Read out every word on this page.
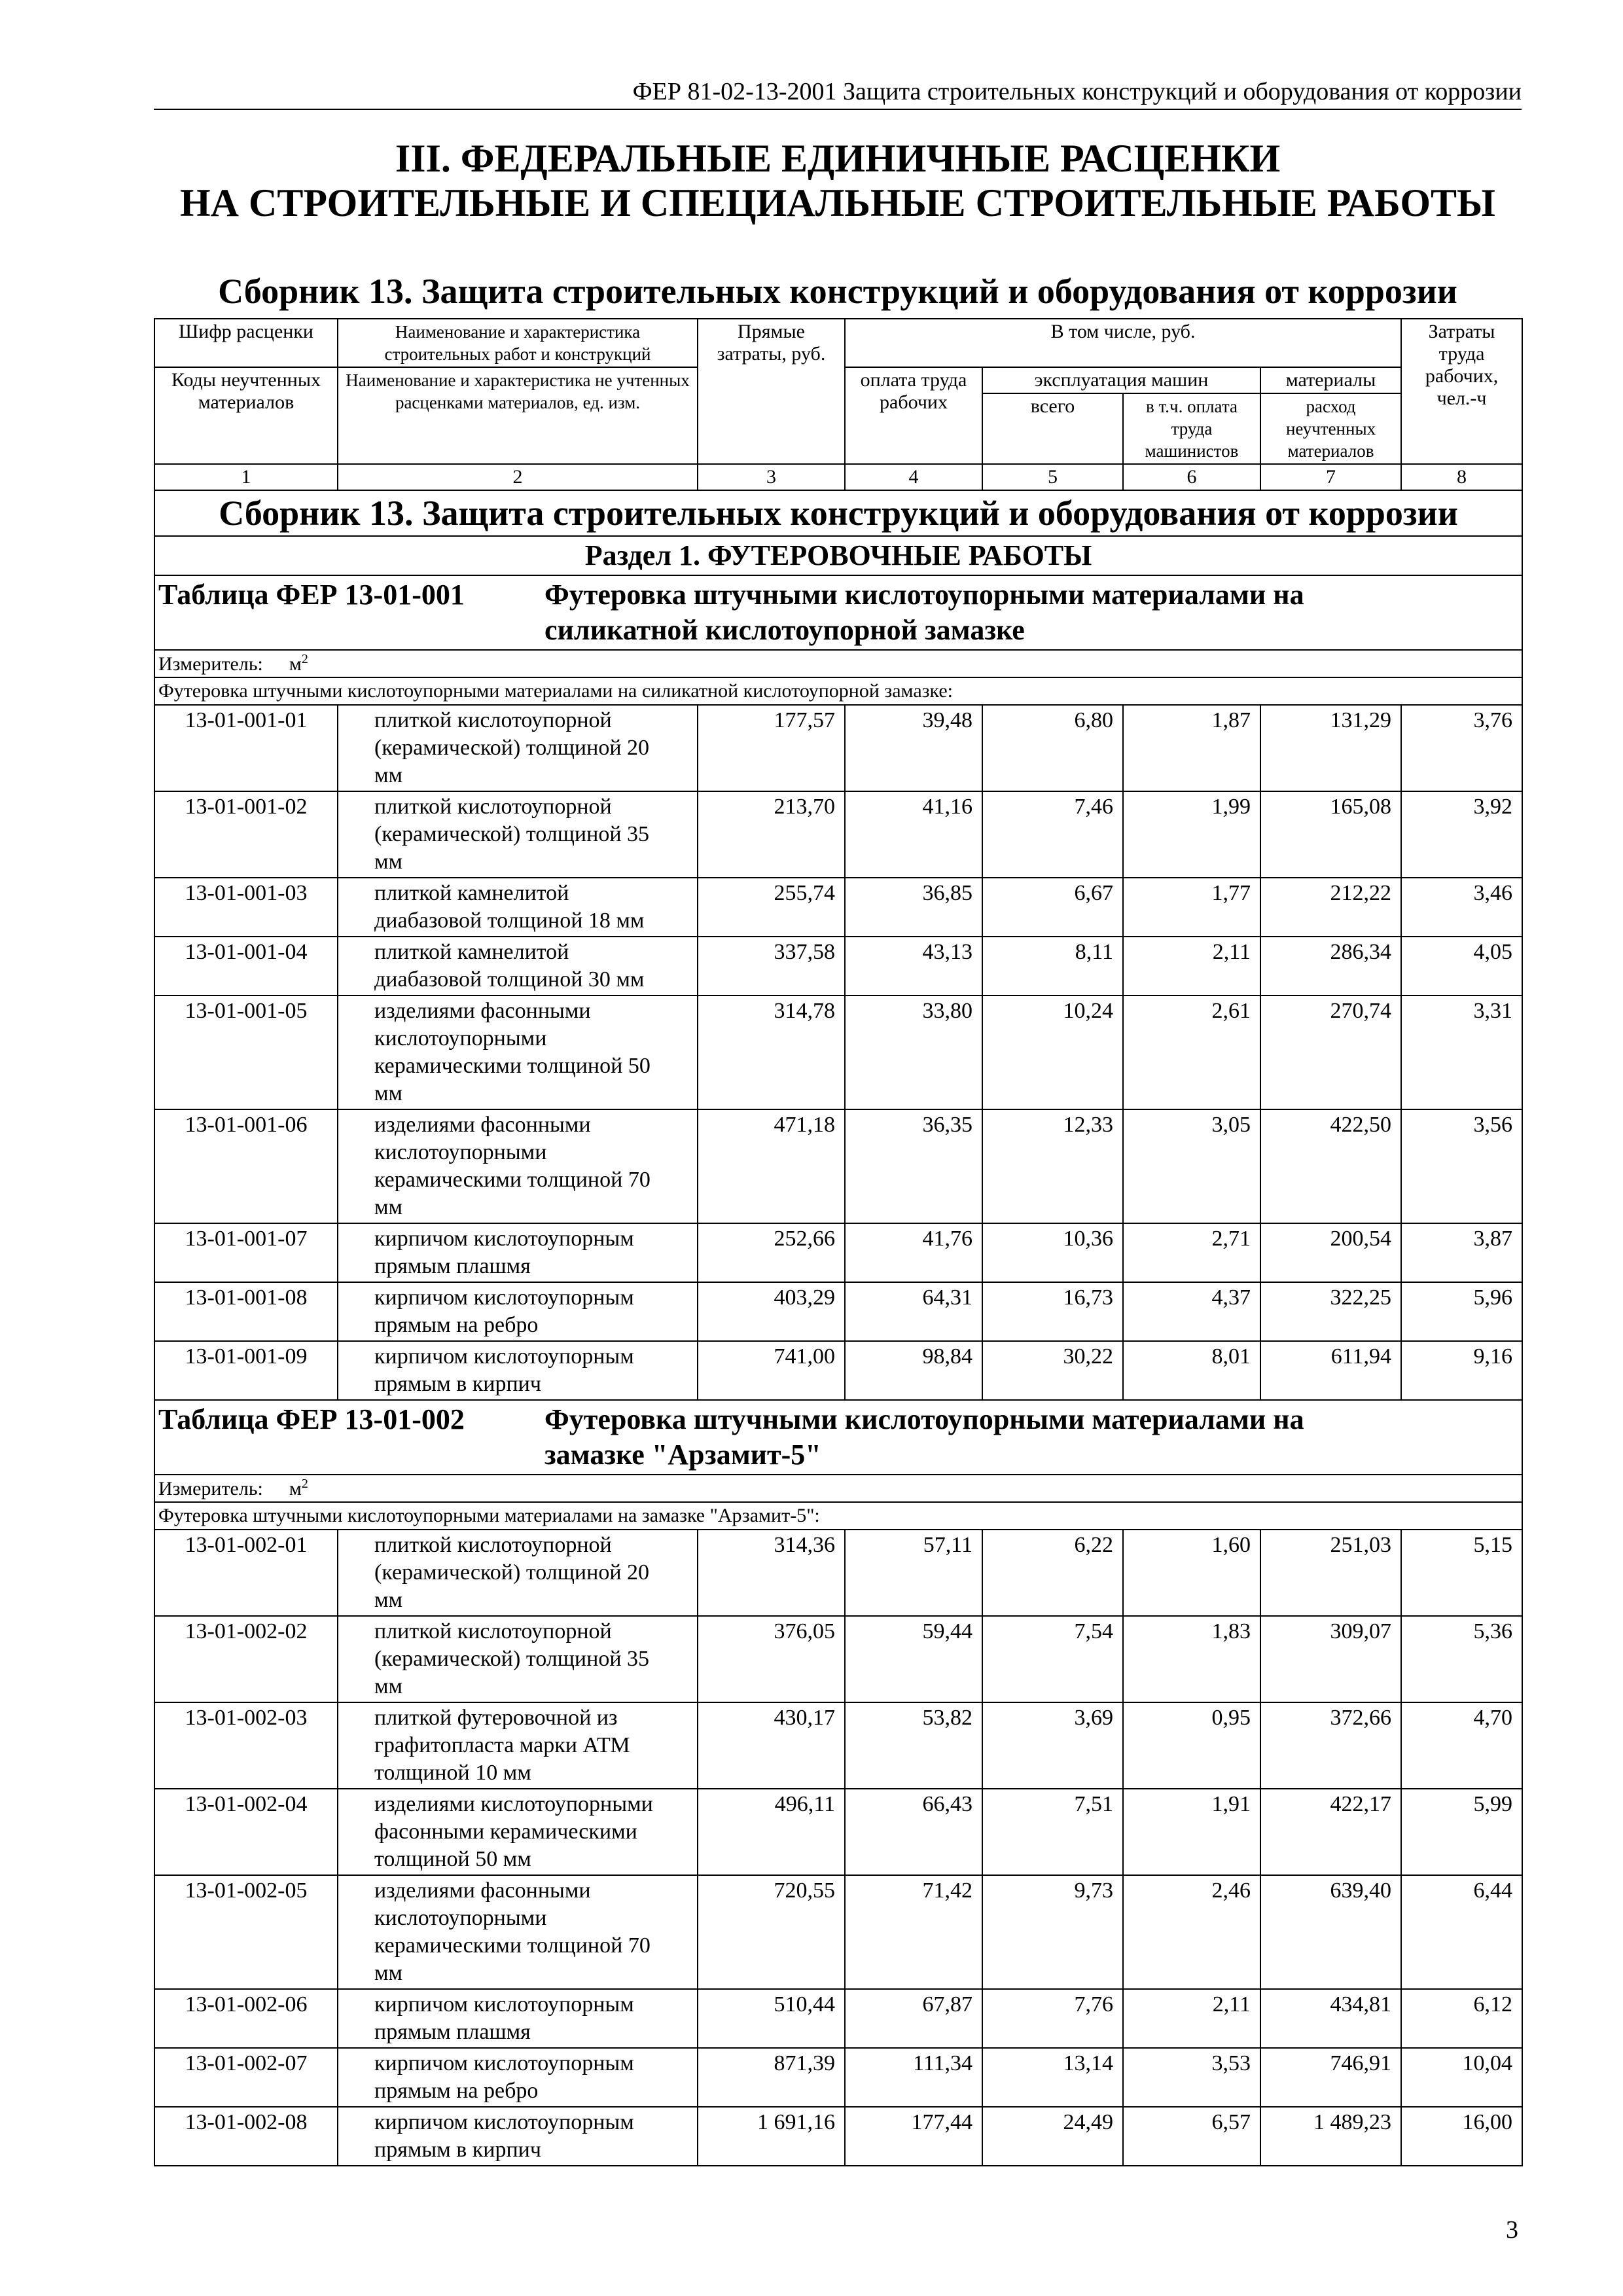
ФЕР 81-02-13-2001 Защита строительных конструкций и оборудования от коррозии
III. ФЕДЕРАЛЬНЫЕ ЕДИНИЧНЫЕ РАСЦЕНКИ
НА СТРОИТЕЛЬНЫЕ И СПЕЦИАЛЬНЫЕ СТРОИТЕЛЬНЫЕ РАБОТЫ
Сборник 13. Защита строительных конструкций и оборудования от коррозии
Шифр расценки	Наименование и характеристика строительных работ и конструкций	Прямые затраты, руб.	В том числе, руб.				Затраты труда рабочих, чел.-ч
Коды неучтенных материалов	Наименование и характеристика не учтенных расценками материалов, ед. изм.		оплата труда рабочих	эксплуатация машин		материалы	
				всего	в т.ч. оплата труда машинистов	расход неучтенных материалов	
1	2	3	4	5	6	7	8
Сборник 13. Защита строительных конструкций и оборудования от коррозии							
Раздел 1. ФУТЕРОВОЧНЫЕ РАБОТЫ							
Таблица ФЕР 13-01-001 Футеровка штучными кислотоупорными материалами на
силикатной кислотоупорной замазке							

Измеритель: $м^2$
Футеровка штучными кислотоупорными материалами на силикатной кислотоупорной замазке:							
13-01-001-01	плиткой кислотоупорной
(керамической) толщиной 20
мм	177,57	39,48	6,80	1,87	131,29	3,76
13-01-001-02	плиткой кислотоупорной
(керамической) толщиной 35
мм	213,70	41,16	7,46	1,99	165,08	3,92
13-01-001-03	плиткой камнелитой
диабазовой толщиной 18 мм	255,74	36,85	6,67	1,77	212,22	3,46
13-01-001-04	плиткой камнелитой
диабазовой толщиной 30 мм	337,58	43,13	8,11	2,11	286,34	4,05
13-01-001-05	изделиями фасонными
кислотоупорными
керамическими толщиной 50
мм	314,78	33,80	10,24	2,61	270,74	3,31
13-01-001-06	изделиями фасонными
кислотоупорными
керамическими толщиной 70
мм	471,18	36,35	12,33	3,05	422,50	3,56
13-01-001-07	кирпичом кислотоупорным
прямым плашмя	252,66	41,76	10,36	2,71	200,54	3,87
13-01-001-08	кирпичом кислотоупорным
прямым на ребро	403,29	64,31	16,73	4,37	322,25	5,96
13-01-001-09	кирпичом кислотоупорным
прямым в кирпич	741,00	98,84	30,22	8,01	611,94	9,16
Таблица ФЕР 13-01-002 Футеровка штучными кислотоупорными материалами на
замазке "Арзамит-5"							

Измеритель: $м^2$
Футеровка штучными кислотоупорными материалами на замазке "Арзамит-5":							
13-01-002-01	плиткой кислотоупорной
(керамической) толщиной 20
мм	314,36	57,11	6,22	1,60	251,03	5,15
13-01-002-02	плиткой кислотоупорной
(керамической) толщиной 35
мм	376,05	59,44	7,54	1,83	309,07	5,36
13-01-002-03	плиткой футеровочной из
графитопласта марки АТМ
толщиной 10 мм	430,17	53,82	3,69	0,95	372,66	4,70
13-01-002-04	изделиями кислотоупорными
фасонными керамическими
толщиной 50 мм	496,11	66,43	7,51	1,91	422,17	5,99
13-01-002-05	изделиями фасонными
кислотоупорными
керамическими толщиной 70
мм	720,55	71,42	9,73	2,46	639,40	6,44
13-01-002-06	кирпичом кислотоупорным
прямым плашмя	510,44	67,87	7,76	2,11	434,81	6,12
13-01-002-07	кирпичом кислотоупорным
прямым на ребро	871,39	111,34	13,14	3,53	746,91	10,04
13-01-002-08	кирпичом кислотоупорным
прямым в кирпич	1 691,16	177,44	24,49	6,57	1 489,23	16,00
3
